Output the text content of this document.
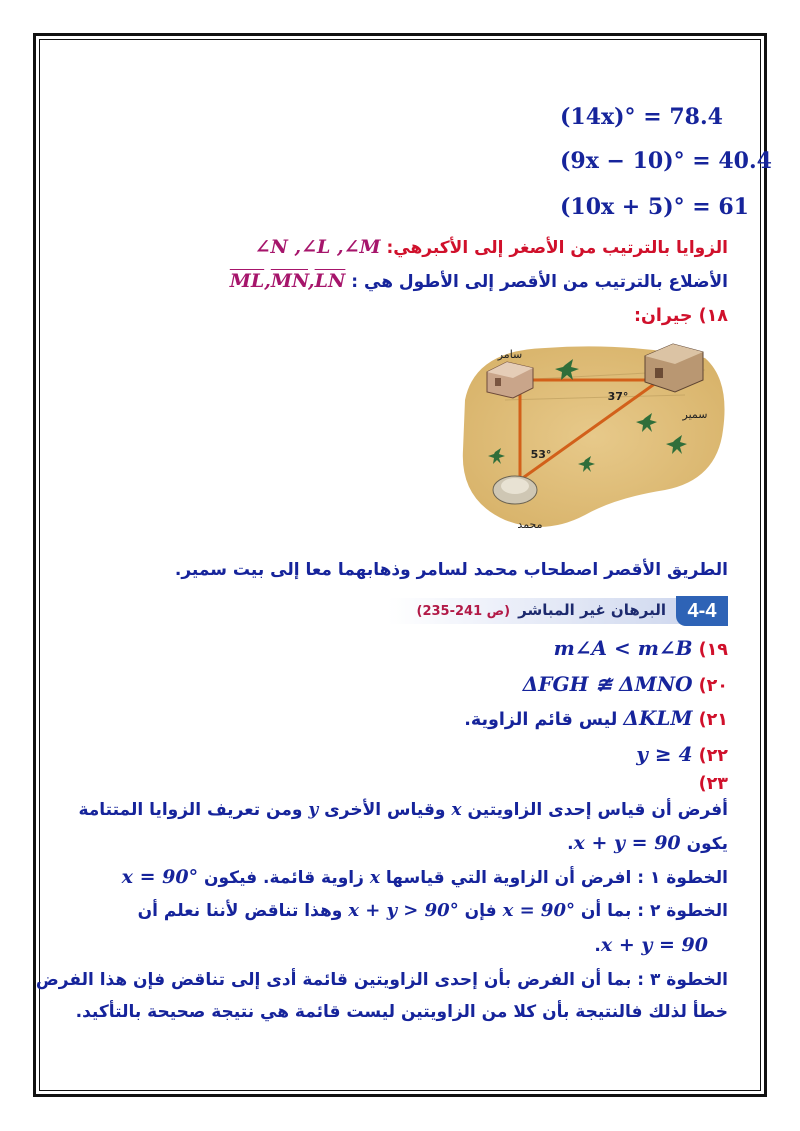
(14x)° = 78.4
(9x − 10)° = 40.4
(10x + 5)° = 61
الزوايا بالترتيب من الأصغر إلى الأكبرهي: ∠N ,∠L ,∠M
الأضلاع بالترتيب من الأقصر إلى الأطول هي : $\overline{ML},\overline{MN},\overline{LN}$
١٨) جيران:
سامر
سمير
محمد
37°
53°
الطريق الأقصر اصطحاب محمد لسامر وذهابهما معا إلى بيت سمير.
4-4
البرهان غير المباشر(ص 241-235)
١٩) m∠A < m∠B
٢٠) ΔFGH ≇ ΔMNO
٢١) ΔKLM ليس قائم الزاوية.
٢٢) y ≥ 4
٢٣)
أفرض أن قياس إحدى الزاويتين x وقياس الأخرى y ومن تعريف الزوايا المتتامة
يكون x + y = 90.
الخطوة ١ : افرض أن الزاوية التي قياسها x زاوية قائمة. فيكون x = 90°
الخطوة ٢ : بما أن x = 90° فإن x + y > 90° وهذا تناقض لأننا نعلم أن
x + y = 90.
الخطوة ٣ : بما أن الفرض بأن إحدى الزاويتين قائمة أدى إلى تناقض فإن هذا الفرض
خطأ لذلك فالنتيجة بأن كلا من الزاويتين ليست قائمة هي نتيجة صحيحة بالتأكيد.
